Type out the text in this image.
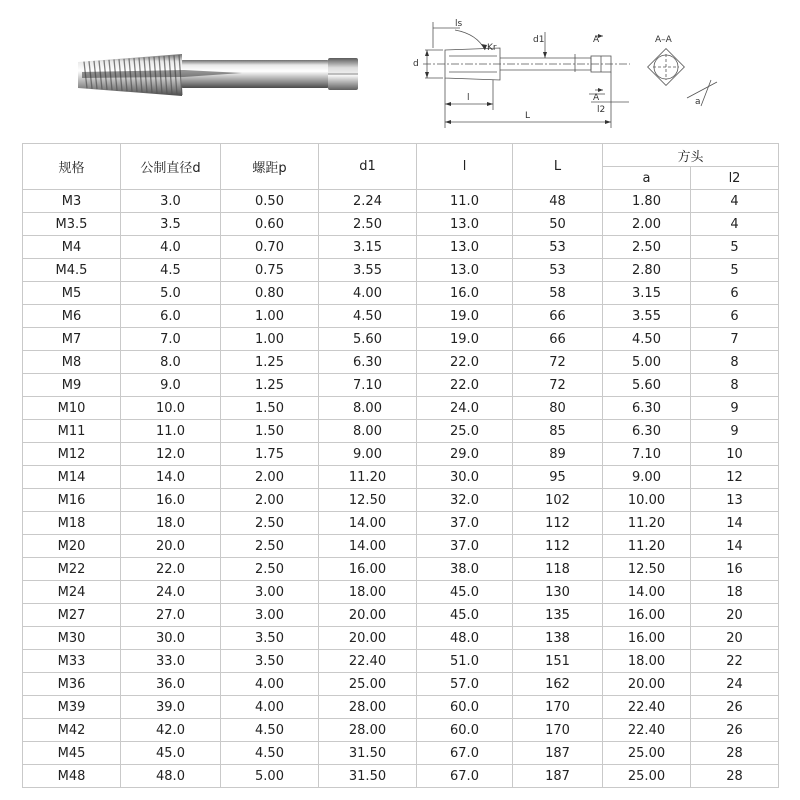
ls
Kr
d
d1	A
A
l
l2
L
A–A
a
规格	公制直径d	螺距p	d1	l	L	方头	
						a	l2
M3	3.0	0.50	2.24	11.0	48	1.80	4
M3.5	3.5	0.60	2.50	13.0	50	2.00	4
M4	4.0	0.70	3.15	13.0	53	2.50	5
M4.5	4.5	0.75	3.55	13.0	53	2.80	5
M5	5.0	0.80	4.00	16.0	58	3.15	6
M6	6.0	1.00	4.50	19.0	66	3.55	6
M7	7.0	1.00	5.60	19.0	66	4.50	7
M8	8.0	1.25	6.30	22.0	72	5.00	8
M9	9.0	1.25	7.10	22.0	72	5.60	8
M10	10.0	1.50	8.00	24.0	80	6.30	9
M11	11.0	1.50	8.00	25.0	85	6.30	9
M12	12.0	1.75	9.00	29.0	89	7.10	10
M14	14.0	2.00	11.20	30.0	95	9.00	12
M16	16.0	2.00	12.50	32.0	102	10.00	13
M18	18.0	2.50	14.00	37.0	112	11.20	14
M20	20.0	2.50	14.00	37.0	112	11.20	14
M22	22.0	2.50	16.00	38.0	118	12.50	16
M24	24.0	3.00	18.00	45.0	130	14.00	18
M27	27.0	3.00	20.00	45.0	135	16.00	20
M30	30.0	3.50	20.00	48.0	138	16.00	20
M33	33.0	3.50	22.40	51.0	151	18.00	22
M36	36.0	4.00	25.00	57.0	162	20.00	24
M39	39.0	4.00	28.00	60.0	170	22.40	26
M42	42.0	4.50	28.00	60.0	170	22.40	26
M45	45.0	4.50	31.50	67.0	187	25.00	28
M48	48.0	5.00	31.50	67.0	187	25.00	28
